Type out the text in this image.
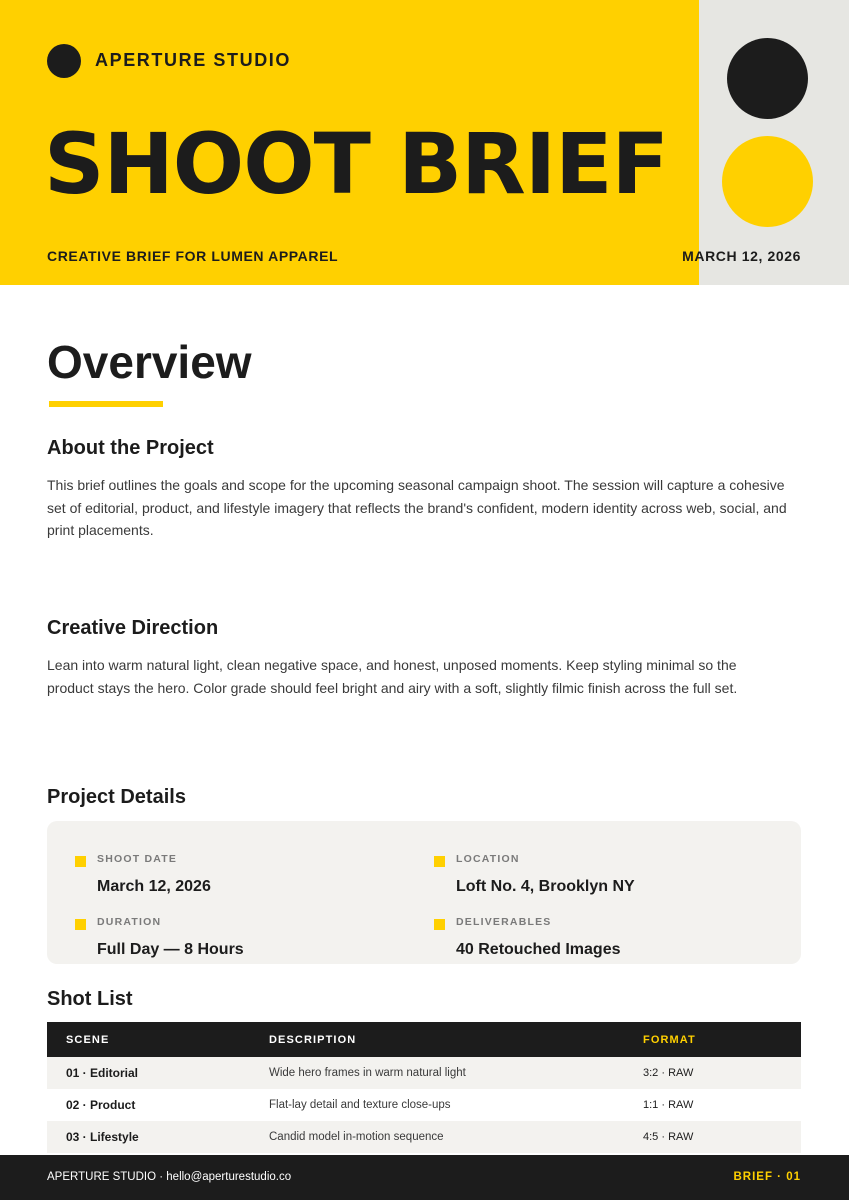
APERTURE STUDIO
SHOOT BRIEF
CREATIVE BRIEF FOR LUMEN APPAREL	MARCH 12, 2026
Overview
About the Project
This brief outlines the goals and scope for the upcoming seasonal campaign shoot. The session will capture a cohesive set of editorial, product, and lifestyle imagery that reflects the brand's confident, modern identity across web, social, and print placements.
Creative Direction
Lean into warm natural light, clean negative space, and honest, unposed moments. Keep styling minimal so the product stays the hero. Color grade should feel bright and airy with a soft, slightly filmic finish across the full set.
Project Details
SHOOT DATE
March 12, 2026
LOCATION
Loft No. 4, Brooklyn NY
DURATION
Full Day — 8 Hours
DELIVERABLES
40 Retouched Images
Shot List
SCENE	DESCRIPTION	FORMAT
01 · Editorial	Wide hero frames in warm natural light	3:2 · RAW
02 · Product	Flat-lay detail and texture close-ups	1:1 · RAW
03 · Lifestyle	Candid model in-motion sequence	4:5 · RAW
APERTURE STUDIO · hello@aperturestudio.co	BRIEF · 01
